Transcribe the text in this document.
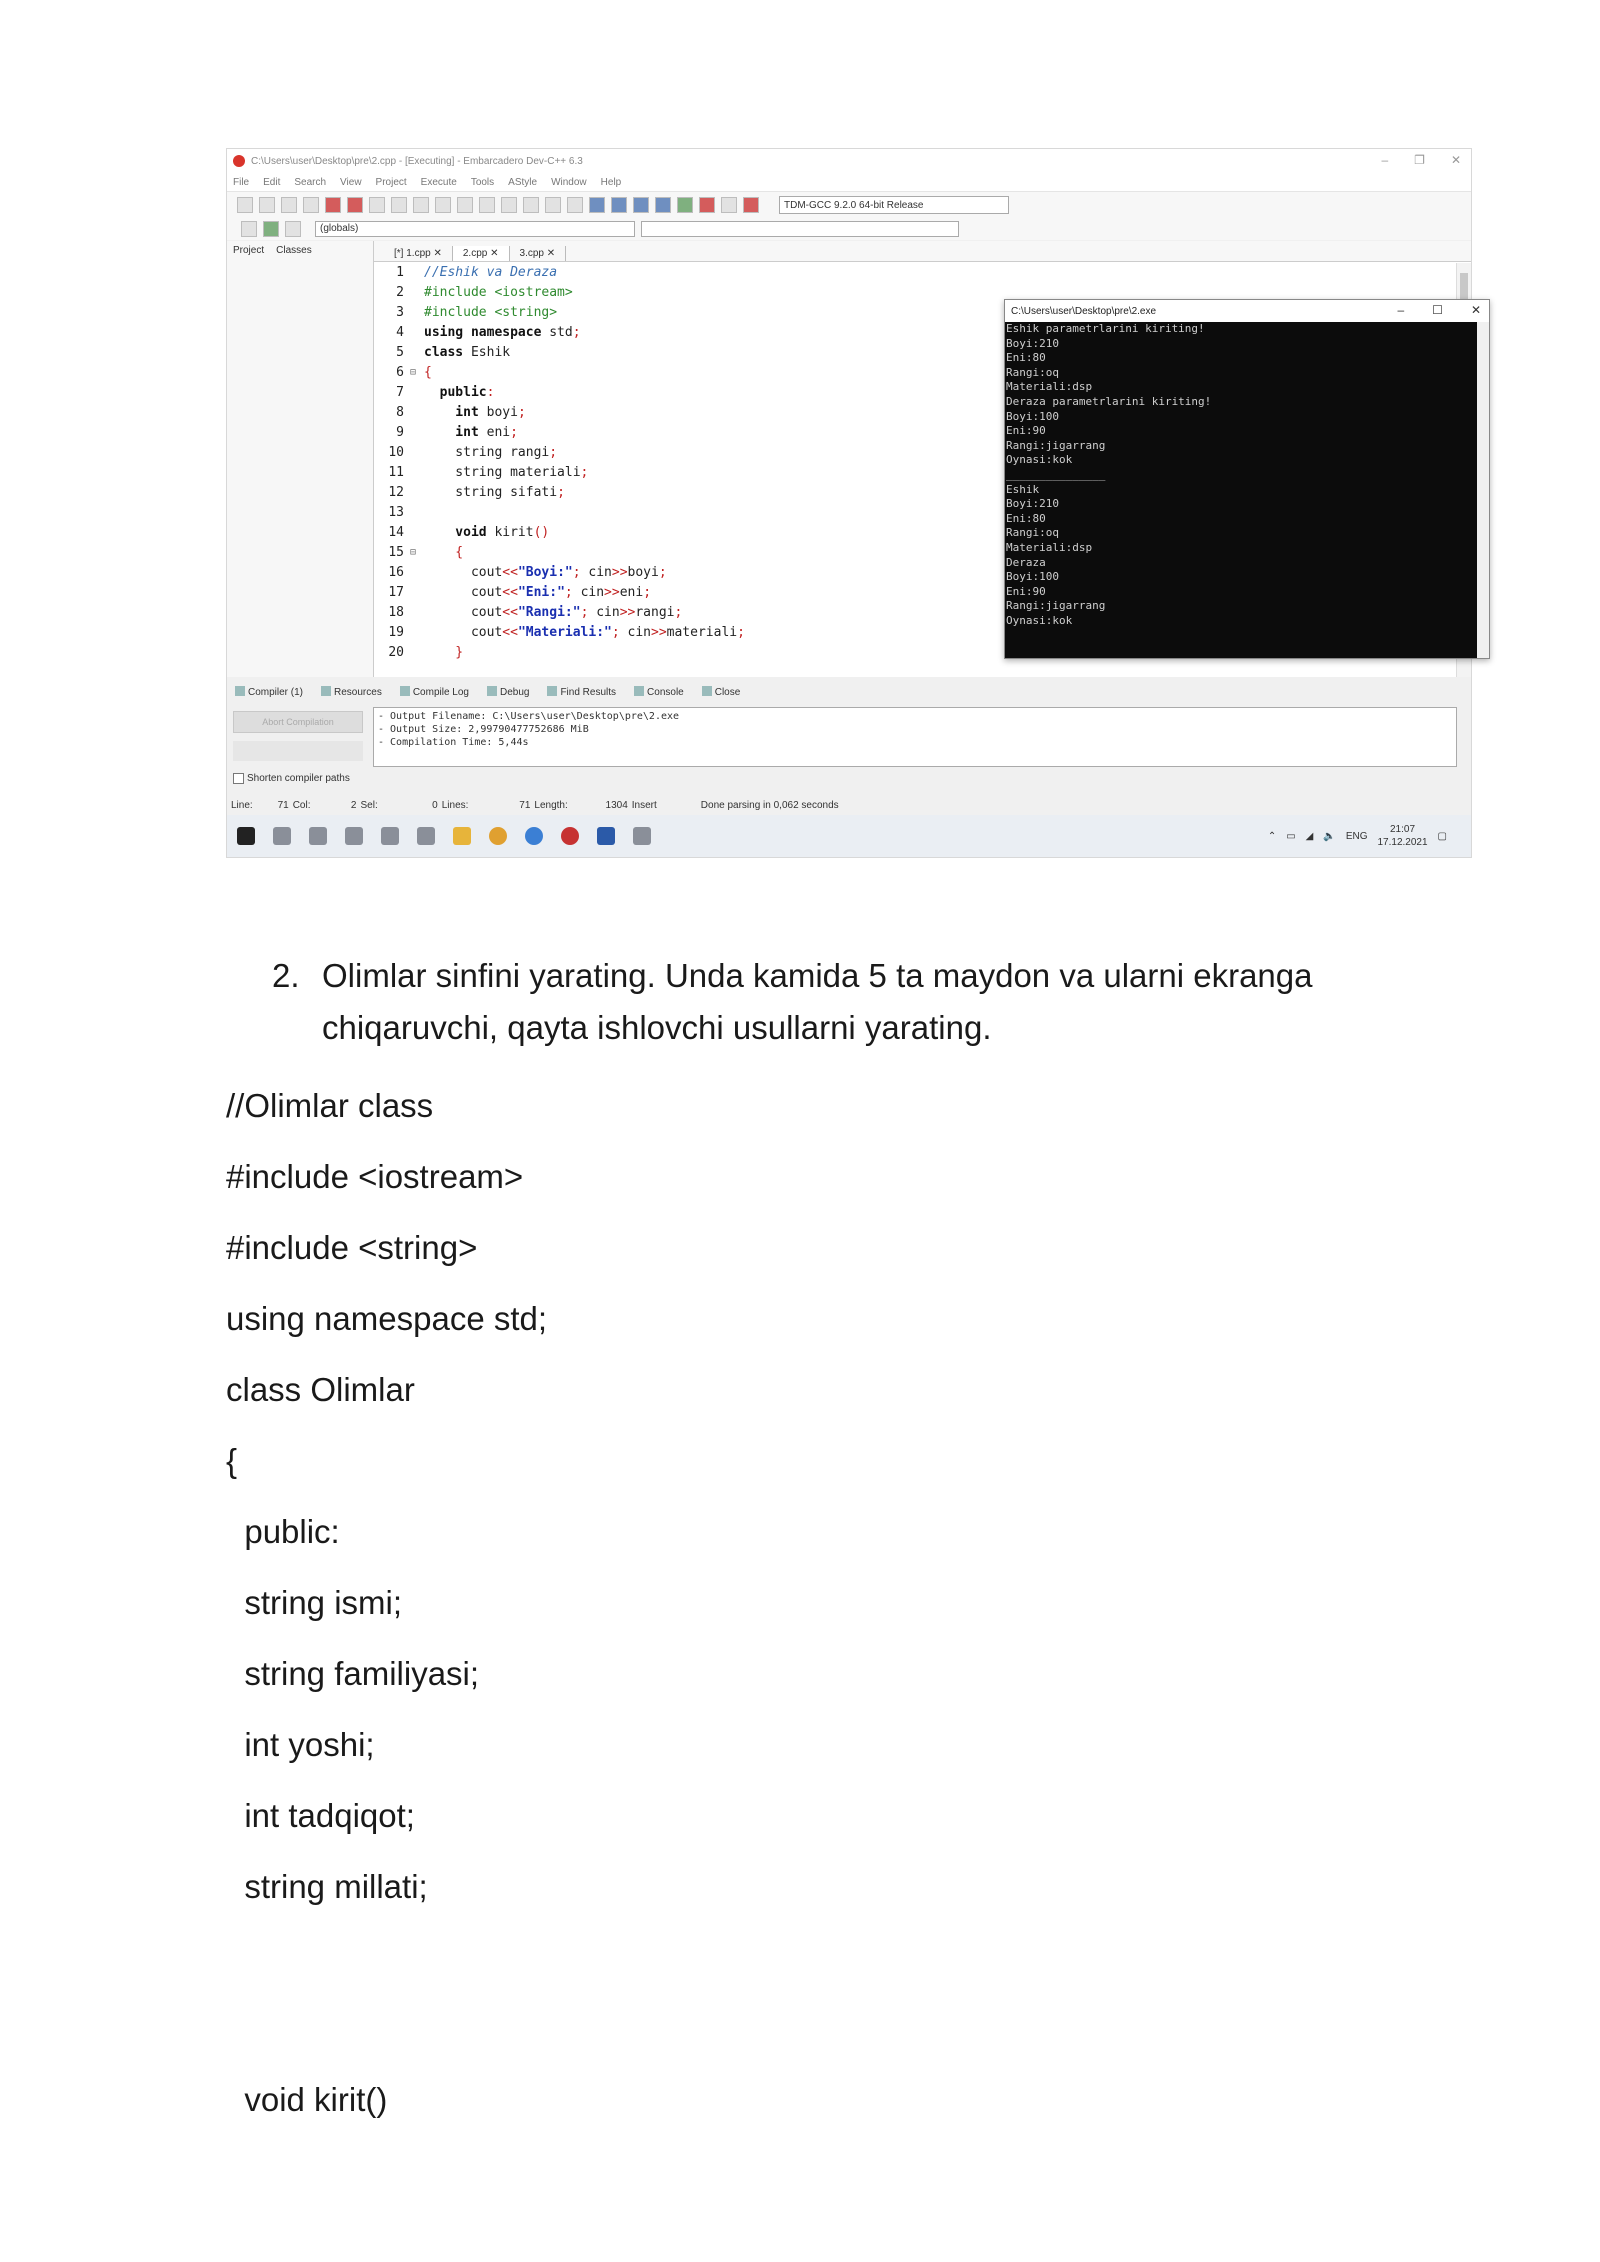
C:\Users\user\Desktop\pre\2.cpp - [Executing] - Embarcadero Dev-C++ 6.3	– ❐ ✕
File Edit Search View Project Execute Tools AStyle Window Help
TDM-GCC 9.2.0 64-bit Release
(globals)
Project Classes	[*] 1.cpp ✕	2.cpp ✕	3.cpp ✕
1	//Eshik va Deraza
2	#include <iostream>
3	#include <string>
4	using namespace std ;
5	class Eshik
6 ⊟ {
7	public :
8	int boyi ;
9	int eni ;
10	string rangi ;
11	string materiali ;
12	string sifati ;
13
14	void kirit ()
15 ⊟ {
16	cout << "Boyi:" ; cin >> boyi ;
17	cout << "Eni:" ; cin >> eni ;
18	cout << "Rangi:" ; cin >> rangi ;
19	cout << "Materiali:" ; cin >> materiali ;
20	}
C:\Users\user\Desktop\pre\2.exe	– ☐ ✕
Eshik parametrlarini kiriting!
Boyi:210
Eni:80
Rangi:oq
Materiali:dsp
Deraza parametrlarini kiriting!
Boyi:100
Eni:90
Rangi:jigarrang
Oynasi:kok
_______________
Eshik
Boyi:210
Eni:80
Rangi:oq
Materiali:dsp
Deraza
Boyi:100
Eni:90
Rangi:jigarrang
Oynasi:kok
Compiler (1)	Resources	Compile Log	Debug	Find Results	Console	Close
Abort Compilation	- Output Filename: C:\Users\user\Desktop\pre\2.exe
- Output Size: 2,99790477752686 MiB
- Compilation Time: 5,44s
Shorten compiler paths
Line:	71 Col:	2 Sel:	0 Lines:	71 Length:	1304 Insert	Done parsing in 0,062 seconds
⌃ ▭ ◢ 🔈 ENG
21:07
17.12.2021
▢
2. Olimlar sinfini yarating. Unda kamida 5 ta maydon va ularni ekranga chiqaruvchi, qayta ishlovchi usullarni yarating.
//Olimlar class
#include <iostream>
#include <string>
using namespace std;
class Olimlar
{
public:
string ismi;
string familiyasi;
int yoshi;
int tadqiqot;
string millati;
void kirit()
